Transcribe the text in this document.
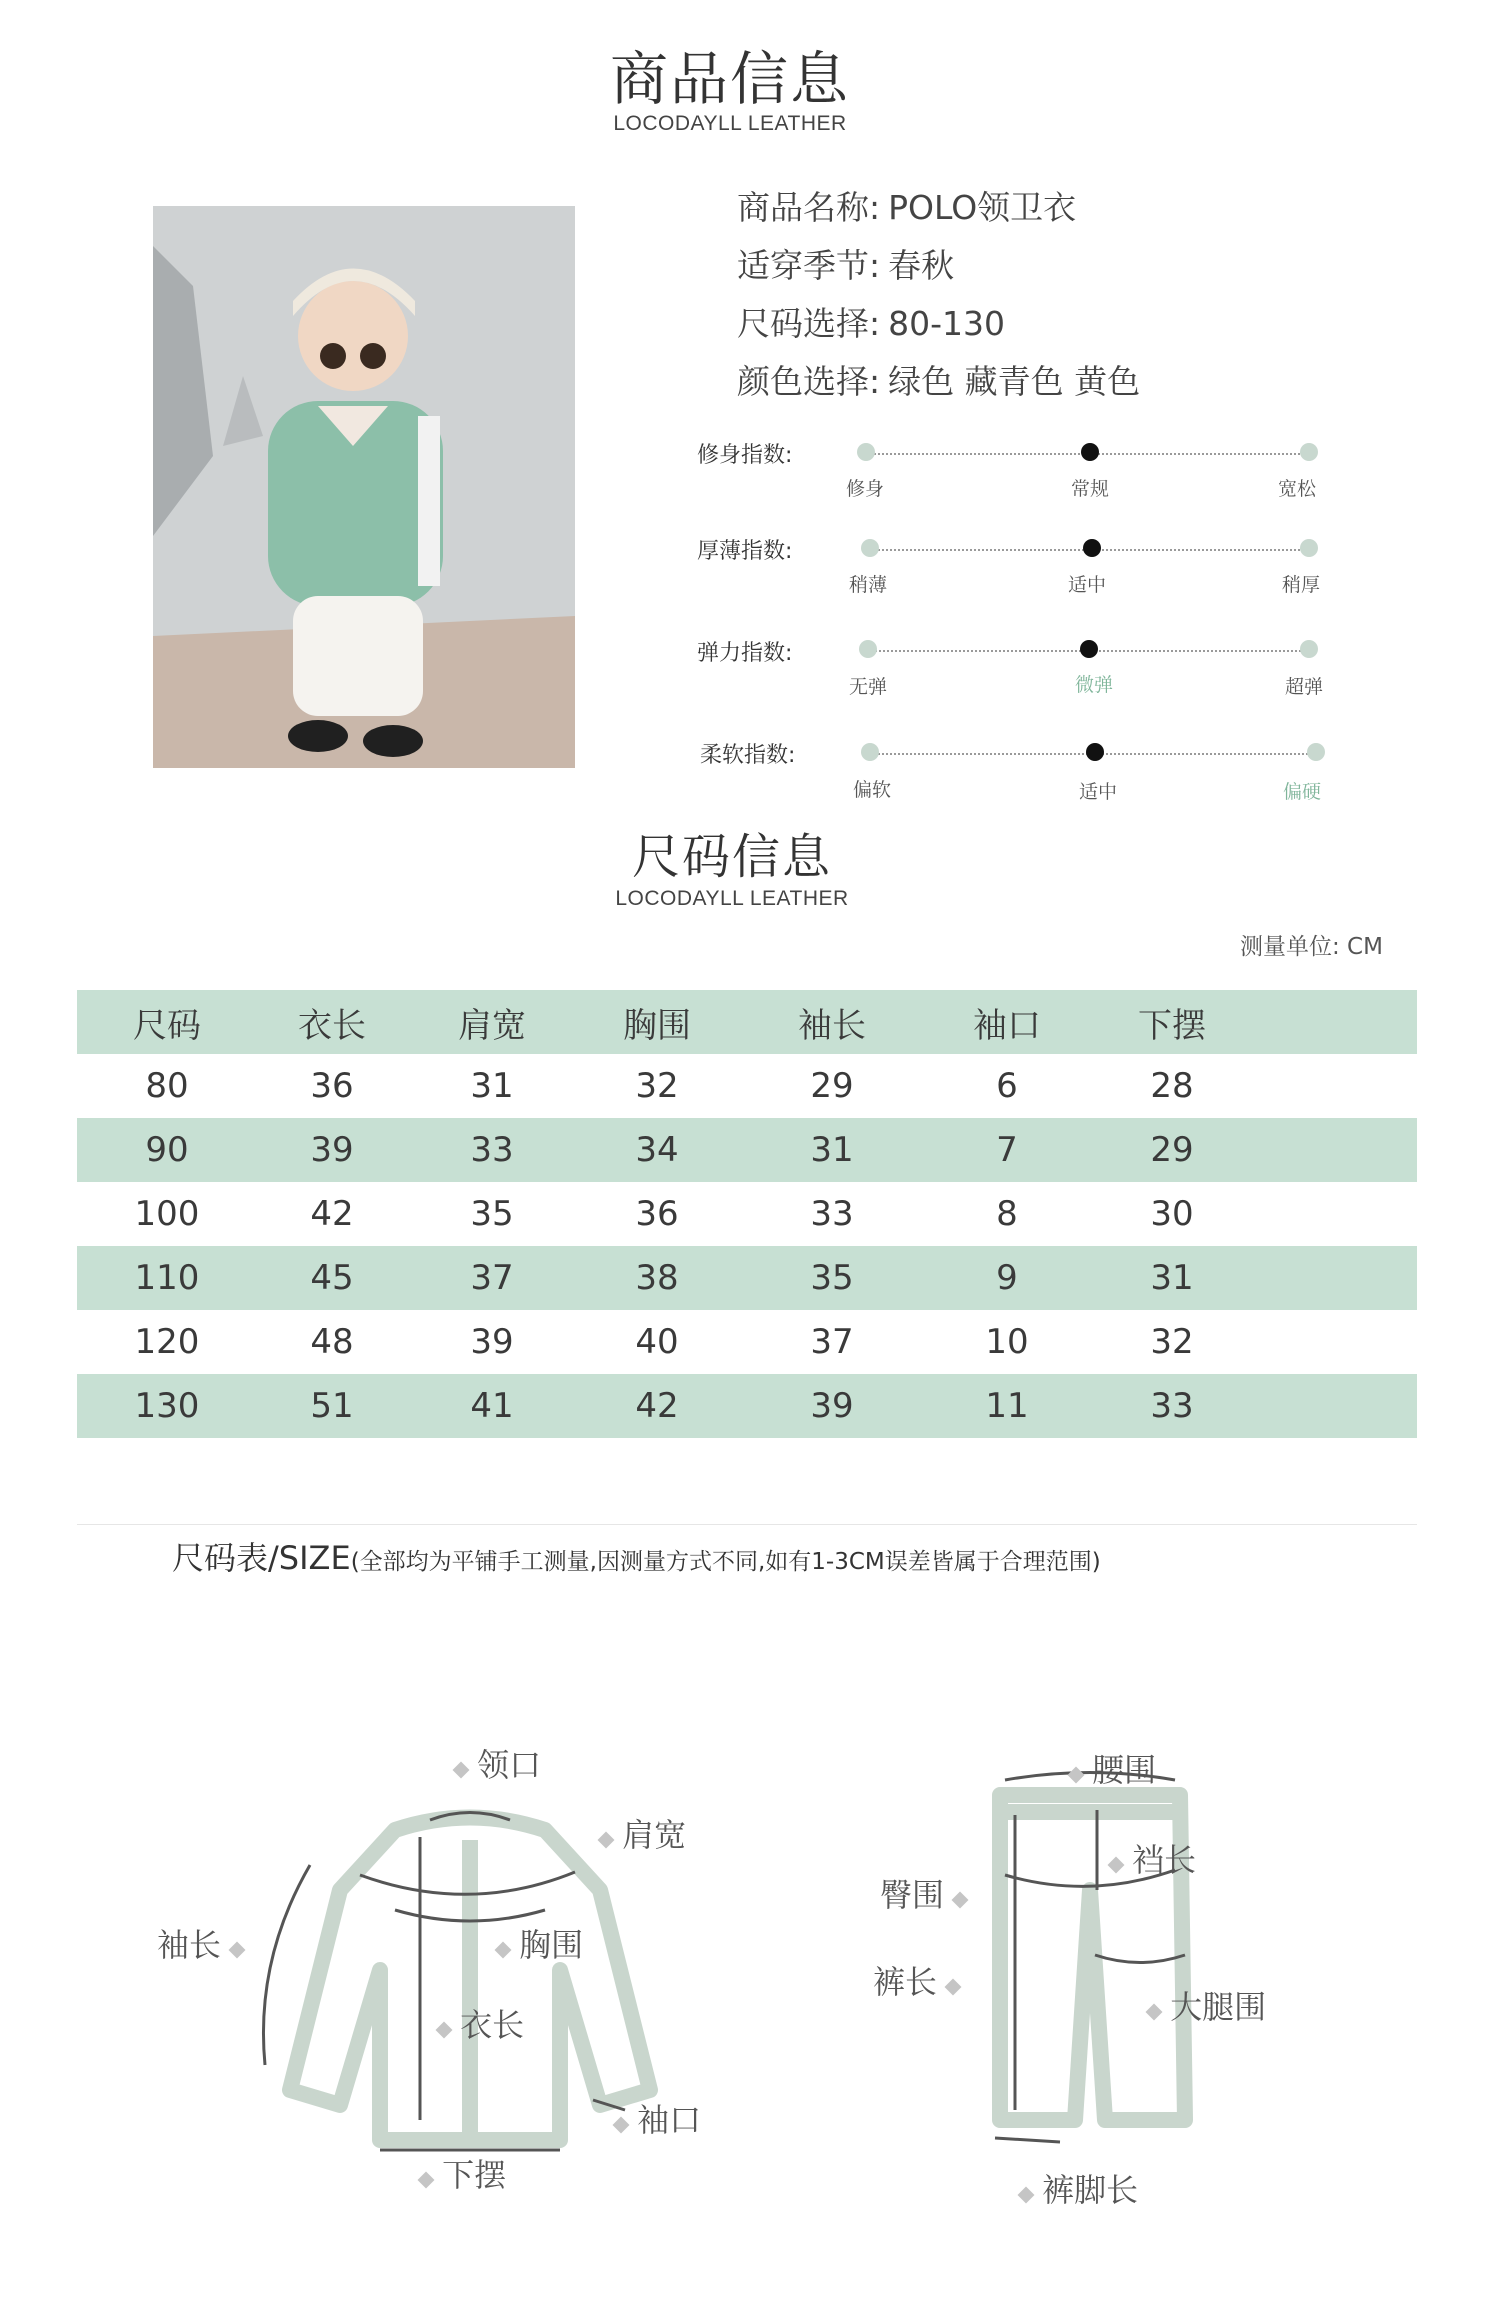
商品信息
LOCODAYLL LEATHER
商品名称: POLO领卫衣
适穿季节: 春秋
尺码选择: 80-130
颜色选择: 绿色 藏青色 黄色
修身指数:
修身	常规	宽松
厚薄指数:
稍薄	适中	稍厚
弹力指数:
无弹	微弹	超弹
柔软指数:
偏软	适中	偏硬
尺码信息
LOCODAYLL LEATHER
测量单位: CM
尺码	衣长	肩宽	胸围	袖长	袖口	下摆	
80	36	31	32	29	6	28	
90	39	33	34	31	7	29	
100	42	35	36	33	8	30	
110	45	37	38	35	9	31	
120	48	39	40	37	10	32	
130	51	41	42	39	11	33	
尺码表/SIZE(全部均为平铺手工测量,因测量方式不同,如有1-3CM误差皆属于合理范围)
领口
肩宽
袖长	胸围
衣长
袖口
下摆
腰围
裆长
臀围
裤长
大腿围
裤脚长
